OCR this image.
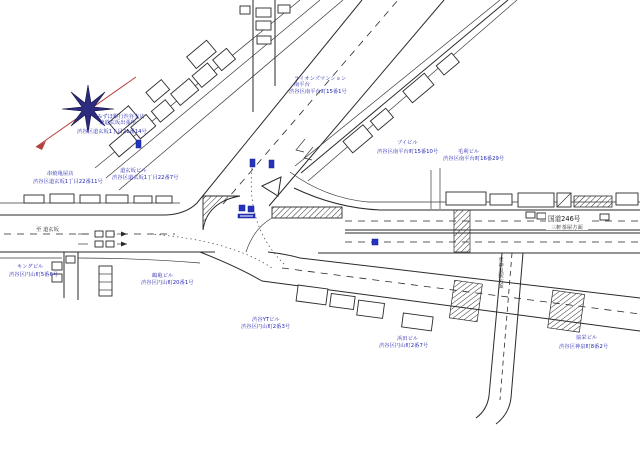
みずほ銀行渋谷支店
兼道玄坂出張所
渋谷区道玄坂1丁目21番14号
串焼亀屋店
渋谷区道玄坂1丁目22番11号
道玄坂ビル
渋谷区道玄坂1丁目22番7号
ライオンズマンション
南平台
渋谷区南平台町15番1号
ブイビル
渋谷区南平台町15番10号	毛利ビル
渋谷区南平台町16番29号
キングビル
渋谷区円山町5番6号	鶴亀ビル
渋谷区円山町20番1号
渋谷YTビル
渋谷区円山町2番3号
浜田ビル
渋谷区円山町2番7号
協栄ビル
渋谷区神泉町8番2号
国道246号
三軒茶屋方面
至 道玄坂
至神泉駅方面
